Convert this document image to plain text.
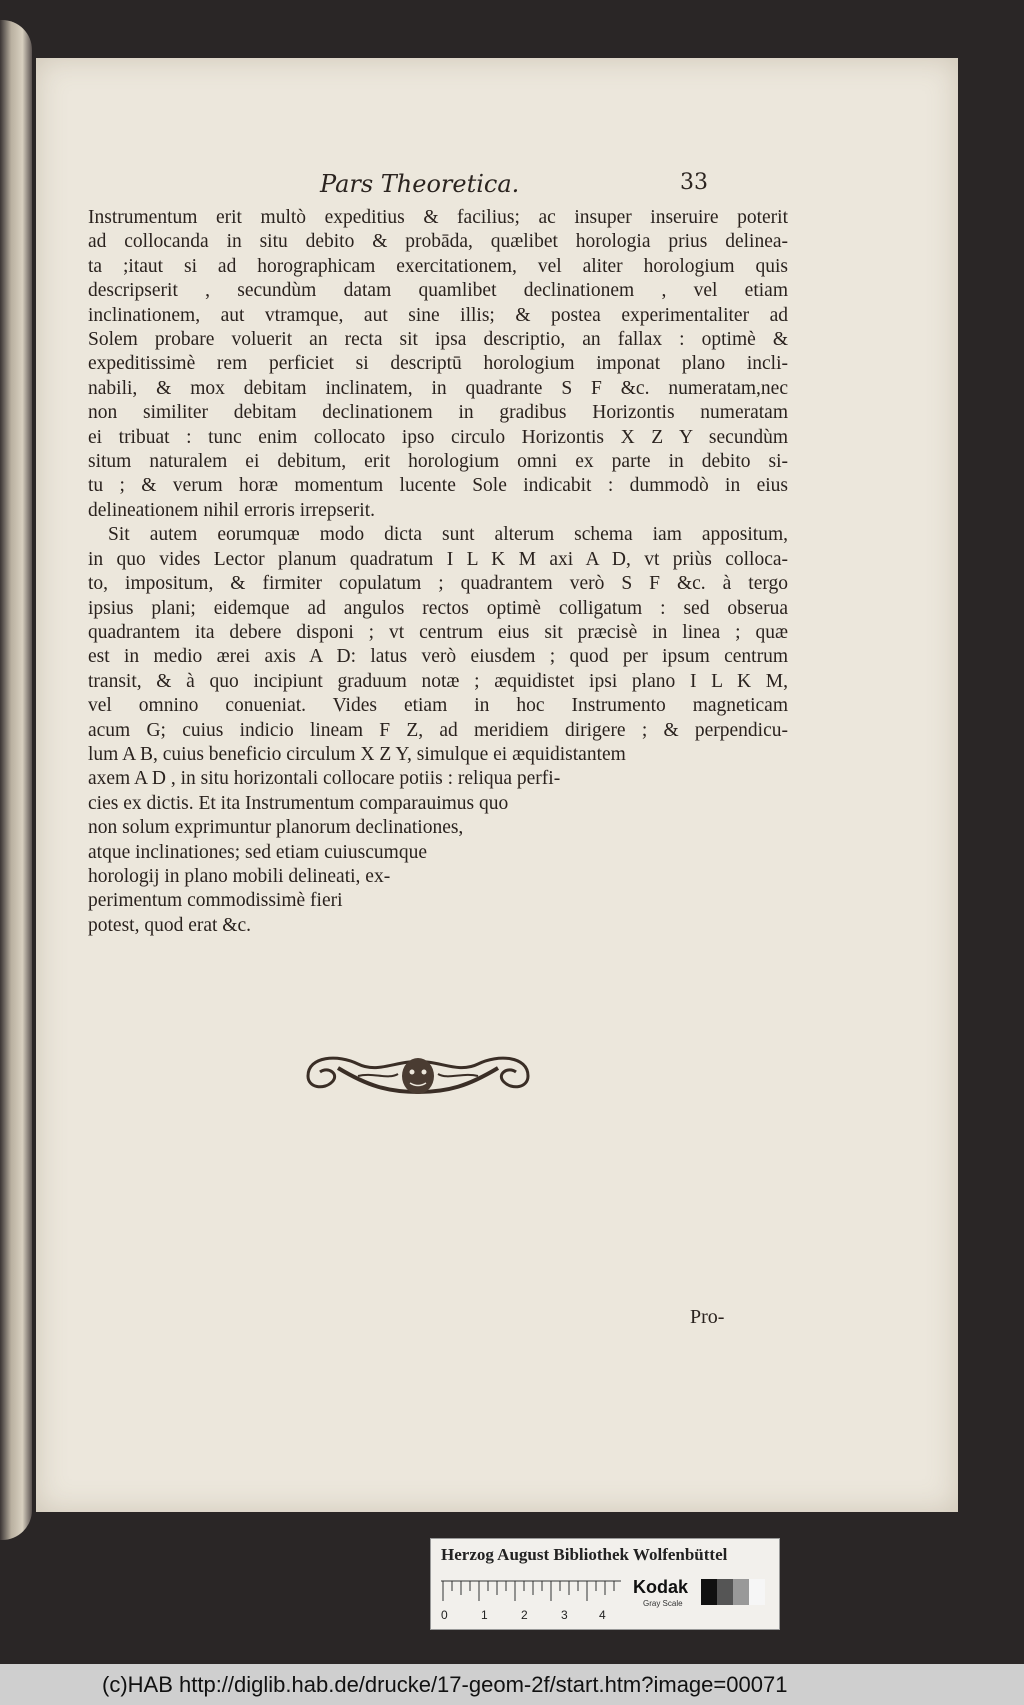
Pars Theoretica.	33
Instrumentum erit multò expeditius & facilius; ac insuper inseruire poterit
ad collocanda in situ debito & probāda, quælibet horologia prius delinea-
ta ;itaut si ad horographicam exercitationem, vel aliter horologium quis
descripserit , secundùm datam quamlibet declinationem , vel etiam
inclinationem, aut vtramque, aut sine illis; & postea experimentaliter ad
Solem probare voluerit an recta sit ipsa descriptio, an fallax : optimè &
expeditissimè rem perficiet si descriptū horologium imponat plano incli-
nabili, & mox debitam inclinatem, in quadrante S F &c. numeratam,nec
non similiter debitam declinationem in gradibus Horizontis numeratam
ei tribuat : tunc enim collocato ipso circulo Horizontis X Z Y secundùm
situm naturalem ei debitum, erit horologium omni ex parte in debito si-
tu ; & verum horæ momentum lucente Sole indicabit : dummodò in eius
delineationem nihil erroris irrepserit.
Sit autem eorumquæ modo dicta sunt alterum schema iam appositum,
in quo vides Lector planum quadratum I L K M axi A D, vt priùs colloca-
to, impositum, & firmiter copulatum ; quadrantem verò S F &c. à tergo
ipsius plani; eidemque ad angulos rectos optimè colligatum : sed obserua
quadrantem ita debere disponi ; vt centrum eius sit præcisè in linea ; quæ
est in medio ærei axis A D: latus verò eiusdem ; quod per ipsum centrum
transit, & à quo incipiunt graduum notæ ; æquidistet ipsi plano I L K M,
vel omnino conueniat. Vides etiam in hoc Instrumento magneticam
acum G; cuius indicio lineam F Z, ad meridiem dirigere ; & perpendicu-
lum A B, cuius beneficio circulum X Z Y, simulque ei æquidistantem
axem A D , in situ horizontali collocare potiis : reliqua perfi-
cies ex dictis. Et ita Instrumentum comparauimus quo
non solum exprimuntur planorum declinationes,
atque inclinationes; sed etiam cuiuscumque
horologij in plano mobili delineati, ex-
perimentum commodissimè fieri
potest, quod erat &c.
Pro-
Herzog August Bibliothek Wolfenbüttel
0	1	2	3	4
Kodak
Gray Scale
(c)HAB http://diglib.hab.de/drucke/17-geom-2f/start.htm?image=00071
